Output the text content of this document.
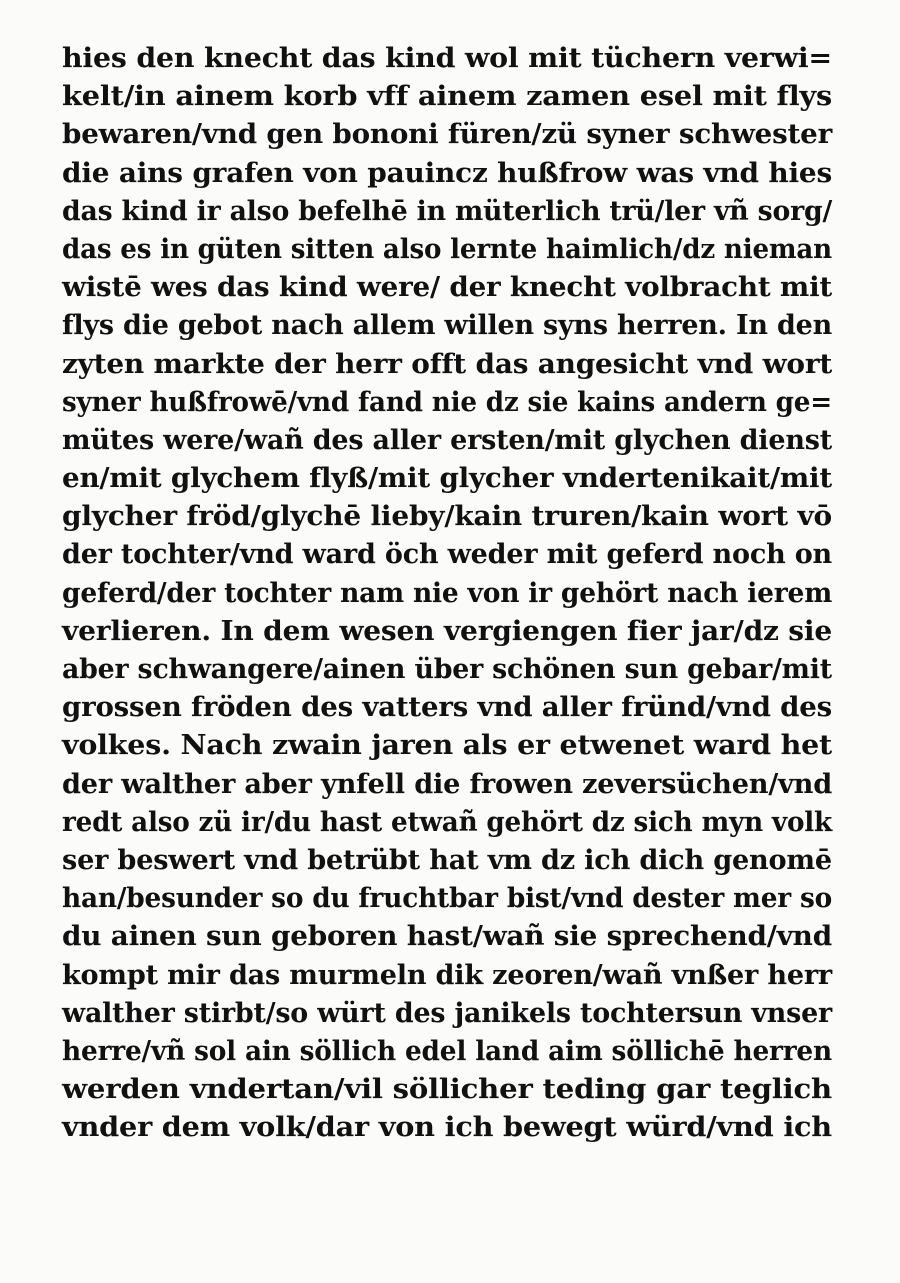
hies den knecht das kind wol mit tüchern verwi=
kelt/in ainem korb vff ainem zamen esel mit flys
bewaren/vnd gen bononi füren/zü syner schwester
die ains grafen von pauincz hußfrow was vnd hies
das kind ir also befelhē in müterlich trü/ler vñ sorg/
das es in güten sitten also lernte haimlich/dz nieman
wistē wes das kind were/ der knecht volbracht mit
flys die gebot nach allem willen syns herren. In den
zyten markte der herr offt das angesicht vnd wort
syner hußfrowē/vnd fand nie dz sie kains andern ge=
mütes were/wañ des aller ersten/mit glychen dienst
en/mit glychem flyß/mit glycher vndertenikait/mit
glycher fröd/glychē lieby/kain truren/kain wort vō
der tochter/vnd ward öch weder mit geferd noch on
geferd/der tochter nam nie von ir gehört nach ierem
verlieren. In dem wesen vergiengen fier jar/dz sie
aber schwangere/ainen über schönen sun gebar/mit
grossen fröden des vatters vnd aller fründ/vnd des
volkes. Nach zwain jaren als er etwenet ward het
der walther aber ynfell die frowen zeversüchen/vnd
redt also zü ir/du hast etwañ gehört dz sich myn volk
ser beswert vnd betrübt hat vm dz ich dich genomē
han/besunder so du fruchtbar bist/vnd dester mer so
du ainen sun geboren hast/wañ sie sprechend/vnd
kompt mir das murmeln dik zeoren/wañ vnßer herr
walther stirbt/so würt des janikels tochtersun vnser
herre/vñ sol ain söllich edel land aim söllichē herren
werden vndertan/vil söllicher teding gar teglich
vnder dem volk/dar von ich bewegt würd/vnd ich
